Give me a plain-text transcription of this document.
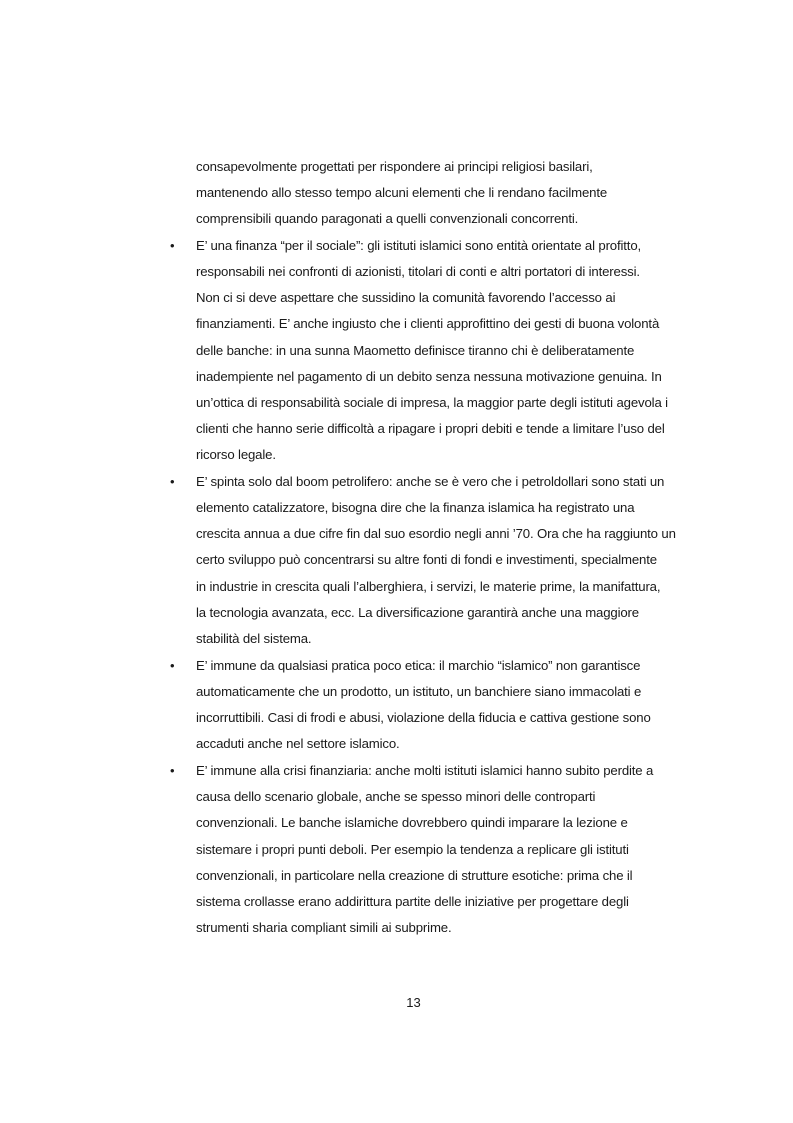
consapevolmente progettati per rispondere ai principi religiosi basilari,
mantenendo allo stesso tempo alcuni elementi che li rendano facilmente
comprensibili quando paragonati a quelli convenzionali concorrenti.
• E’ una finanza “per il sociale”: gli istituti islamici sono entità orientate al profitto,
responsabili nei confronti di azionisti, titolari di conti e altri portatori di interessi.
Non ci si deve aspettare che sussidino la comunità favorendo l’accesso ai
finanziamenti. E’ anche ingiusto che i clienti approfittino dei gesti di buona volontà
delle banche: in una sunna Maometto definisce tiranno chi è deliberatamente
inadempiente nel pagamento di un debito senza nessuna motivazione genuina. In
un’ottica di responsabilità sociale di impresa, la maggior parte degli istituti agevola i
clienti che hanno serie difficoltà a ripagare i propri debiti e tende a limitare l’uso del
ricorso legale.
• E’ spinta solo dal boom petrolifero: anche se è vero che i petroldollari sono stati un
elemento catalizzatore, bisogna dire che la finanza islamica ha registrato una
crescita annua a due cifre fin dal suo esordio negli anni ’70. Ora che ha raggiunto un
certo sviluppo può concentrarsi su altre fonti di fondi e investimenti, specialmente
in industrie in crescita quali l’alberghiera, i servizi, le materie prime, la manifattura,
la tecnologia avanzata, ecc. La diversificazione garantirà anche una maggiore
stabilità del sistema.
• E’ immune da qualsiasi pratica poco etica: il marchio “islamico” non garantisce
automaticamente che un prodotto, un istituto, un banchiere siano immacolati e
incorruttibili. Casi di frodi e abusi, violazione della fiducia e cattiva gestione sono
accaduti anche nel settore islamico.
• E’ immune alla crisi finanziaria: anche molti istituti islamici hanno subito perdite a
causa dello scenario globale, anche se spesso minori delle controparti
convenzionali. Le banche islamiche dovrebbero quindi imparare la lezione e
sistemare i propri punti deboli. Per esempio la tendenza a replicare gli istituti
convenzionali, in particolare nella creazione di strutture esotiche: prima che il
sistema crollasse erano addirittura partite delle iniziative per progettare degli
strumenti sharia compliant simili ai subprime.
13
